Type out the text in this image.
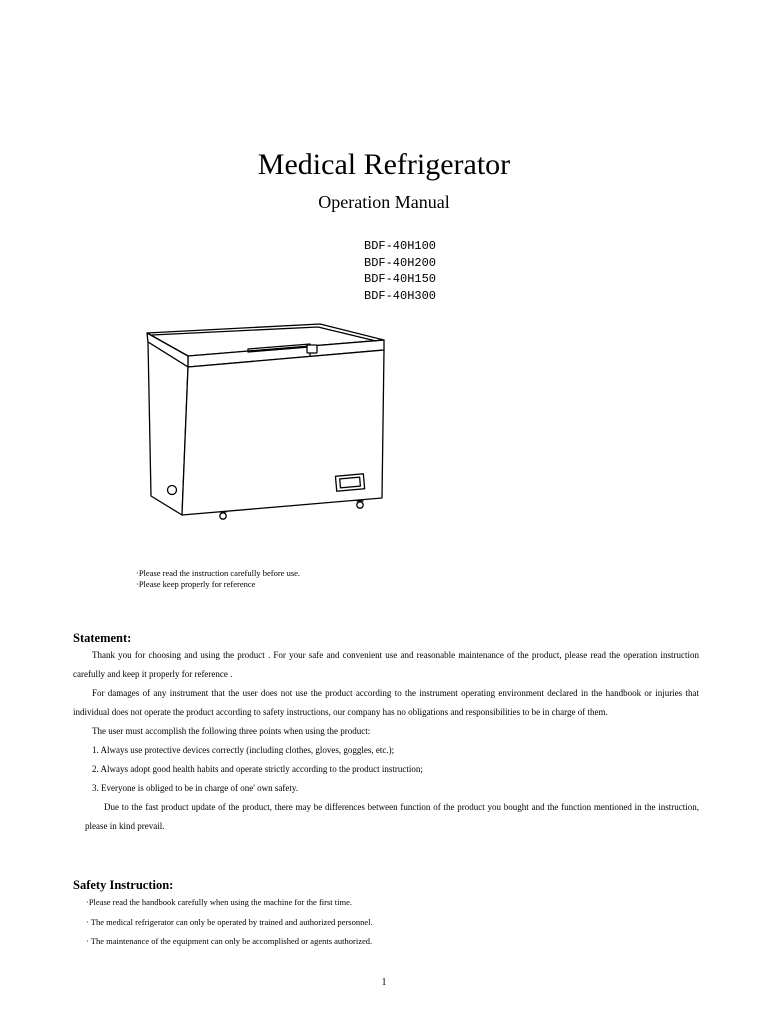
Medical Refrigerator
Operation Manual
BDF-40H100
BDF-40H200
BDF-40H150
BDF-40H300
·Please read the instruction carefully before use.
·Please keep properly for reference
Statement:
Thank you for choosing and using the product . For your safe and convenient use and reasonable maintenance of the product, please read the operation instruction carefully and keep it properly for reference .
For damages of any instrument that the user does not use the product according to the instrument operating environment declared in the handbook or injuries that individual does not operate the product according to safety instructions, our company has no obligations and responsibilities to be in charge of them.
The user must accomplish the following three points when using the product:
1. Always use protective devices correctly (including clothes, gloves, goggles, etc.);
2. Always adopt good health habits and operate strictly according to the product instruction;
3. Everyone is obliged to be in charge of one' own safety.
Due to the fast product update of the product, there may be differences between function of the product you bought and the function mentioned in the instruction, please in kind prevail.
Safety Instruction:
·Please read the handbook carefully when using the machine for the first time.
· The medical refrigerator can only be operated by trained and authorized personnel.
· The maintenance of the equipment can only be accomplished or agents authorized.
1
